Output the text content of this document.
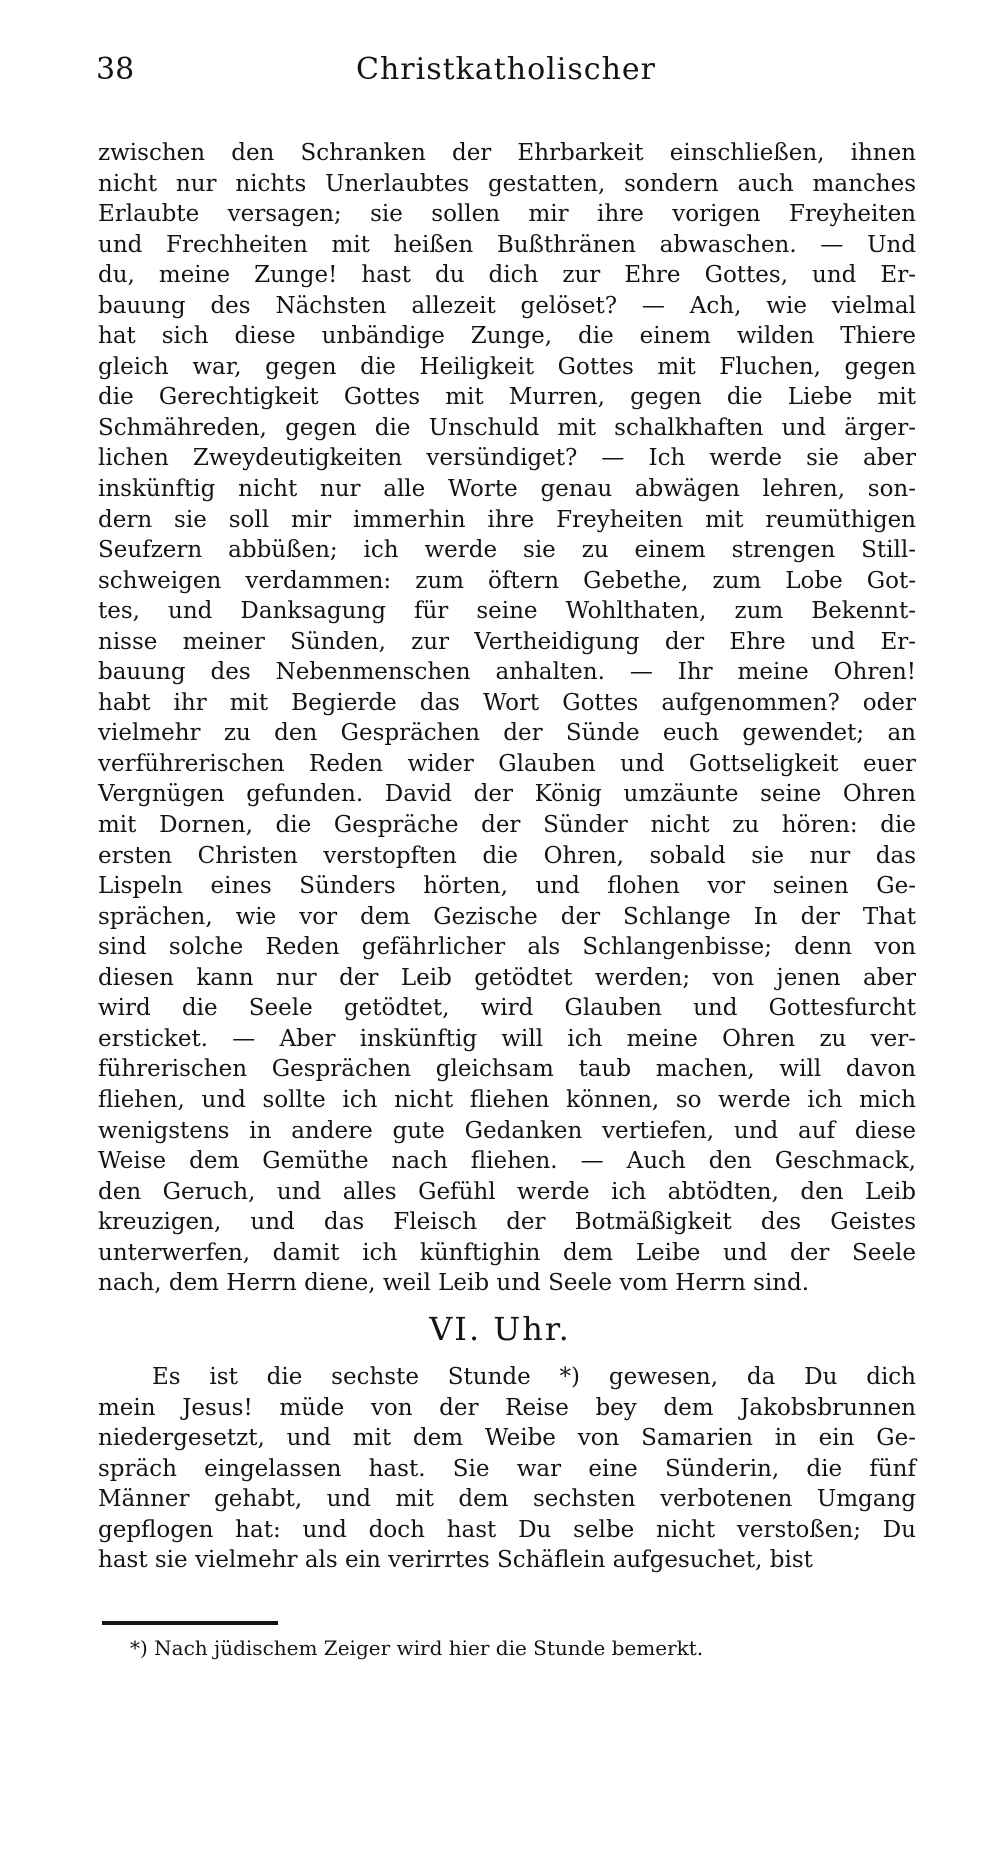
38	Christkatholischer
zwischen den Schranken der Ehrbarkeit einschließen, ihnen
nicht nur nichts Unerlaubtes gestatten, sondern auch manches
Erlaubte versagen; sie sollen mir ihre vorigen Freyheiten
und Frechheiten mit heißen Bußthränen abwaschen. — Und
du, meine Zunge! hast du dich zur Ehre Gottes, und Er-
bauung des Nächsten allezeit gelöset? — Ach, wie vielmal
hat sich diese unbändige Zunge, die einem wilden Thiere
gleich war, gegen die Heiligkeit Gottes mit Fluchen, gegen
die Gerechtigkeit Gottes mit Murren, gegen die Liebe mit
Schmähreden, gegen die Unschuld mit schalkhaften und ärger-
lichen Zweydeutigkeiten versündiget? — Ich werde sie aber
inskünftig nicht nur alle Worte genau abwägen lehren, son-
dern sie soll mir immerhin ihre Freyheiten mit reumüthigen
Seufzern abbüßen; ich werde sie zu einem strengen Still-
schweigen verdammen: zum öftern Gebethe, zum Lobe Got-
tes, und Danksagung für seine Wohlthaten, zum Bekennt-
nisse meiner Sünden, zur Vertheidigung der Ehre und Er-
bauung des Nebenmenschen anhalten. — Ihr meine Ohren!
habt ihr mit Begierde das Wort Gottes aufgenommen? oder
vielmehr zu den Gesprächen der Sünde euch gewendet; an
verführerischen Reden wider Glauben und Gottseligkeit euer
Vergnügen gefunden. David der König umzäunte seine Ohren
mit Dornen, die Gespräche der Sünder nicht zu hören: die
ersten Christen verstopften die Ohren, sobald sie nur das
Lispeln eines Sünders hörten, und flohen vor seinen Ge-
sprächen, wie vor dem Gezische der Schlange In der That
sind solche Reden gefährlicher als Schlangenbisse; denn von
diesen kann nur der Leib getödtet werden; von jenen aber
wird die Seele getödtet, wird Glauben und Gottesfurcht
ersticket. — Aber inskünftig will ich meine Ohren zu ver-
führerischen Gesprächen gleichsam taub machen, will davon
fliehen, und sollte ich nicht fliehen können, so werde ich mich
wenigstens in andere gute Gedanken vertiefen, und auf diese
Weise dem Gemüthe nach fliehen. — Auch den Geschmack,
den Geruch, und alles Gefühl werde ich abtödten, den Leib
kreuzigen, und das Fleisch der Botmäßigkeit des Geistes
unterwerfen, damit ich künftighin dem Leibe und der Seele
nach, dem Herrn diene, weil Leib und Seele vom Herrn sind.
VI. Uhr.
Es ist die sechste Stunde *) gewesen, da Du dich
mein Jesus! müde von der Reise bey dem Jakobsbrunnen
niedergesetzt, und mit dem Weibe von Samarien in ein Ge-
spräch eingelassen hast. Sie war eine Sünderin, die fünf
Männer gehabt, und mit dem sechsten verbotenen Umgang
gepflogen hat: und doch hast Du selbe nicht verstoßen; Du
hast sie vielmehr als ein verirrtes Schäflein aufgesuchet, bist
*) Nach jüdischem Zeiger wird hier die Stunde bemerkt.
